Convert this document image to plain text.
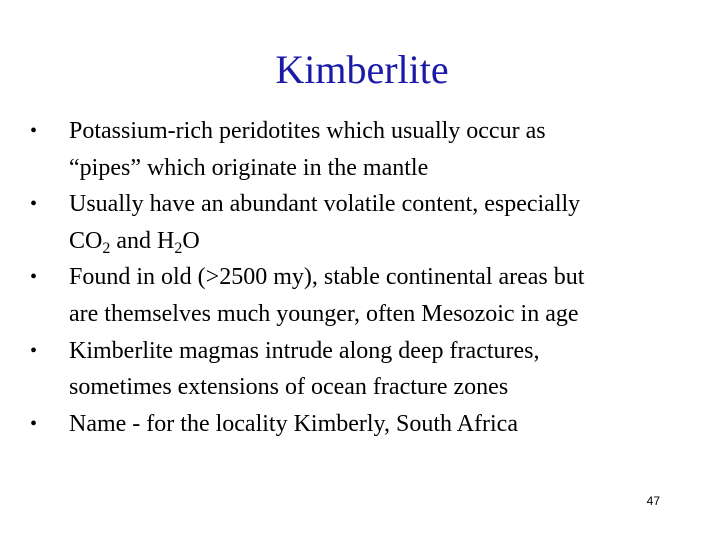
Kimberlite
• Potassium-rich peridotites which usually occur as
“pipes” which originate in the mantle
• Usually have an abundant volatile content, especially
$CO_2$ and $H_2O$
• Found in old (>2500 my), stable continental areas but
are themselves much younger, often Mesozoic in age
• Kimberlite magmas intrude along deep fractures,
sometimes extensions of ocean fracture zones
• Name - for the locality Kimberly, South Africa
47
